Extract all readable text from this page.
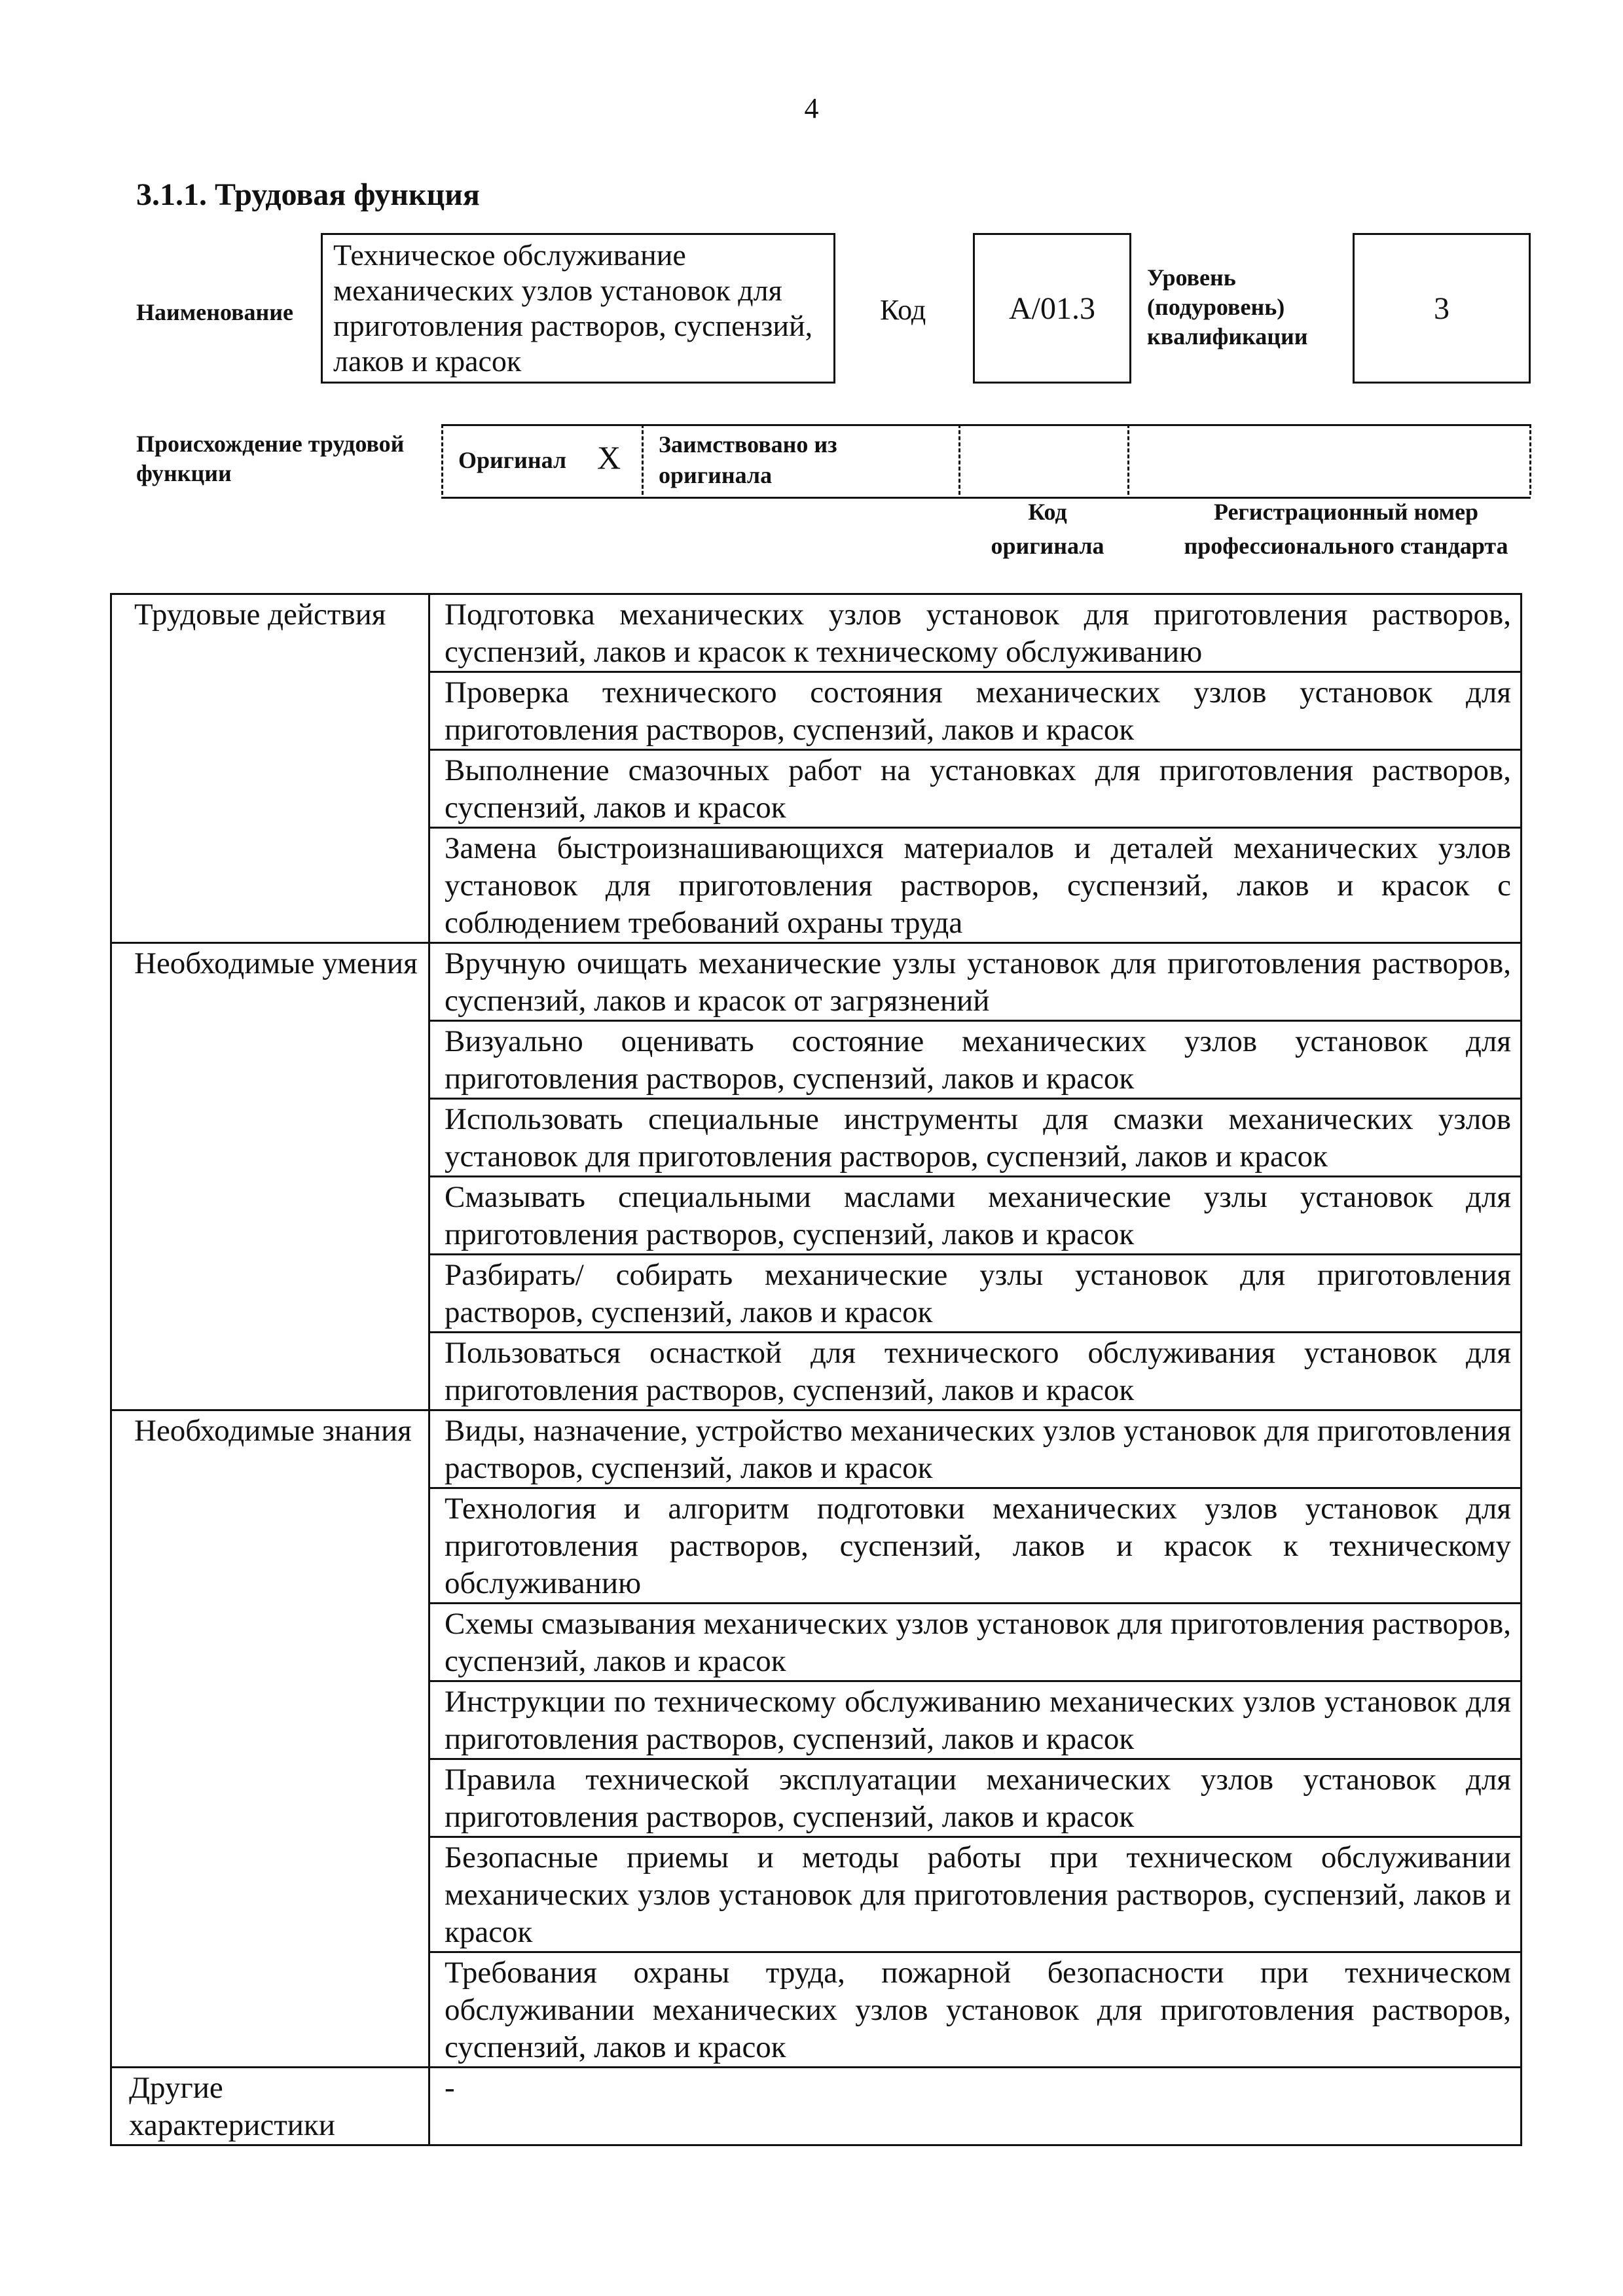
4
3.1.1. Трудовая функция
Наименование
Техническое обслуживание механических узлов установок для приготовления растворов, суспензий, лаков и красок
Код	А/01.3
Уровень (подуровень) квалификации
3
Происхождение трудовой функции	Оригинал Х Заимствовано из оригинала
Код оригинала
Регистрационный номер профессионального стандарта
Трудовые действия	Подготовка механических узлов установок для приготовления растворов, суспензий, лаков и красок к техническому обслуживанию
	Проверка технического состояния механических узлов установок для приготовления растворов, суспензий, лаков и красок
	Выполнение смазочных работ на установках для приготовления растворов, суспензий, лаков и красок
	Замена быстроизнашивающихся материалов и деталей механических узлов установок для приготовления растворов, суспензий, лаков и красок с соблюдением требований охраны труда
Необходимые умения	Вручную очищать механические узлы установок для приготовления растворов, суспензий, лаков и красок от загрязнений
	Визуально оценивать состояние механических узлов установок для приготовления растворов, суспензий, лаков и красок
	Использовать специальные инструменты для смазки механических узлов установок для приготовления растворов, суспензий, лаков и красок
	Смазывать специальными маслами механические узлы установок для приготовления растворов, суспензий, лаков и красок
	Разбирать/ собирать механические узлы установок для приготовления растворов, суспензий, лаков и красок
	Пользоваться оснасткой для технического обслуживания установок для приготовления растворов, суспензий, лаков и красок
Необходимые знания	Виды, назначение, устройство механических узлов установок для приготовления растворов, суспензий, лаков и красок
	Технология и алгоритм подготовки механических узлов установок для приготовления растворов, суспензий, лаков и красок к техническому обслуживанию
	Схемы смазывания механических узлов установок для приготовления растворов, суспензий, лаков и красок
	Инструкции по техническому обслуживанию механических узлов установок для приготовления растворов, суспензий, лаков и красок
	Правила технической эксплуатации механических узлов установок для приготовления растворов, суспензий, лаков и красок
	Безопасные приемы и методы работы при техническом обслуживании механических узлов установок для приготовления растворов, суспензий, лаков и красок
	Требования охраны труда, пожарной безопасности при техническом обслуживании механических узлов установок для приготовления растворов, суспензий, лаков и красок
Другие характеристики	-
